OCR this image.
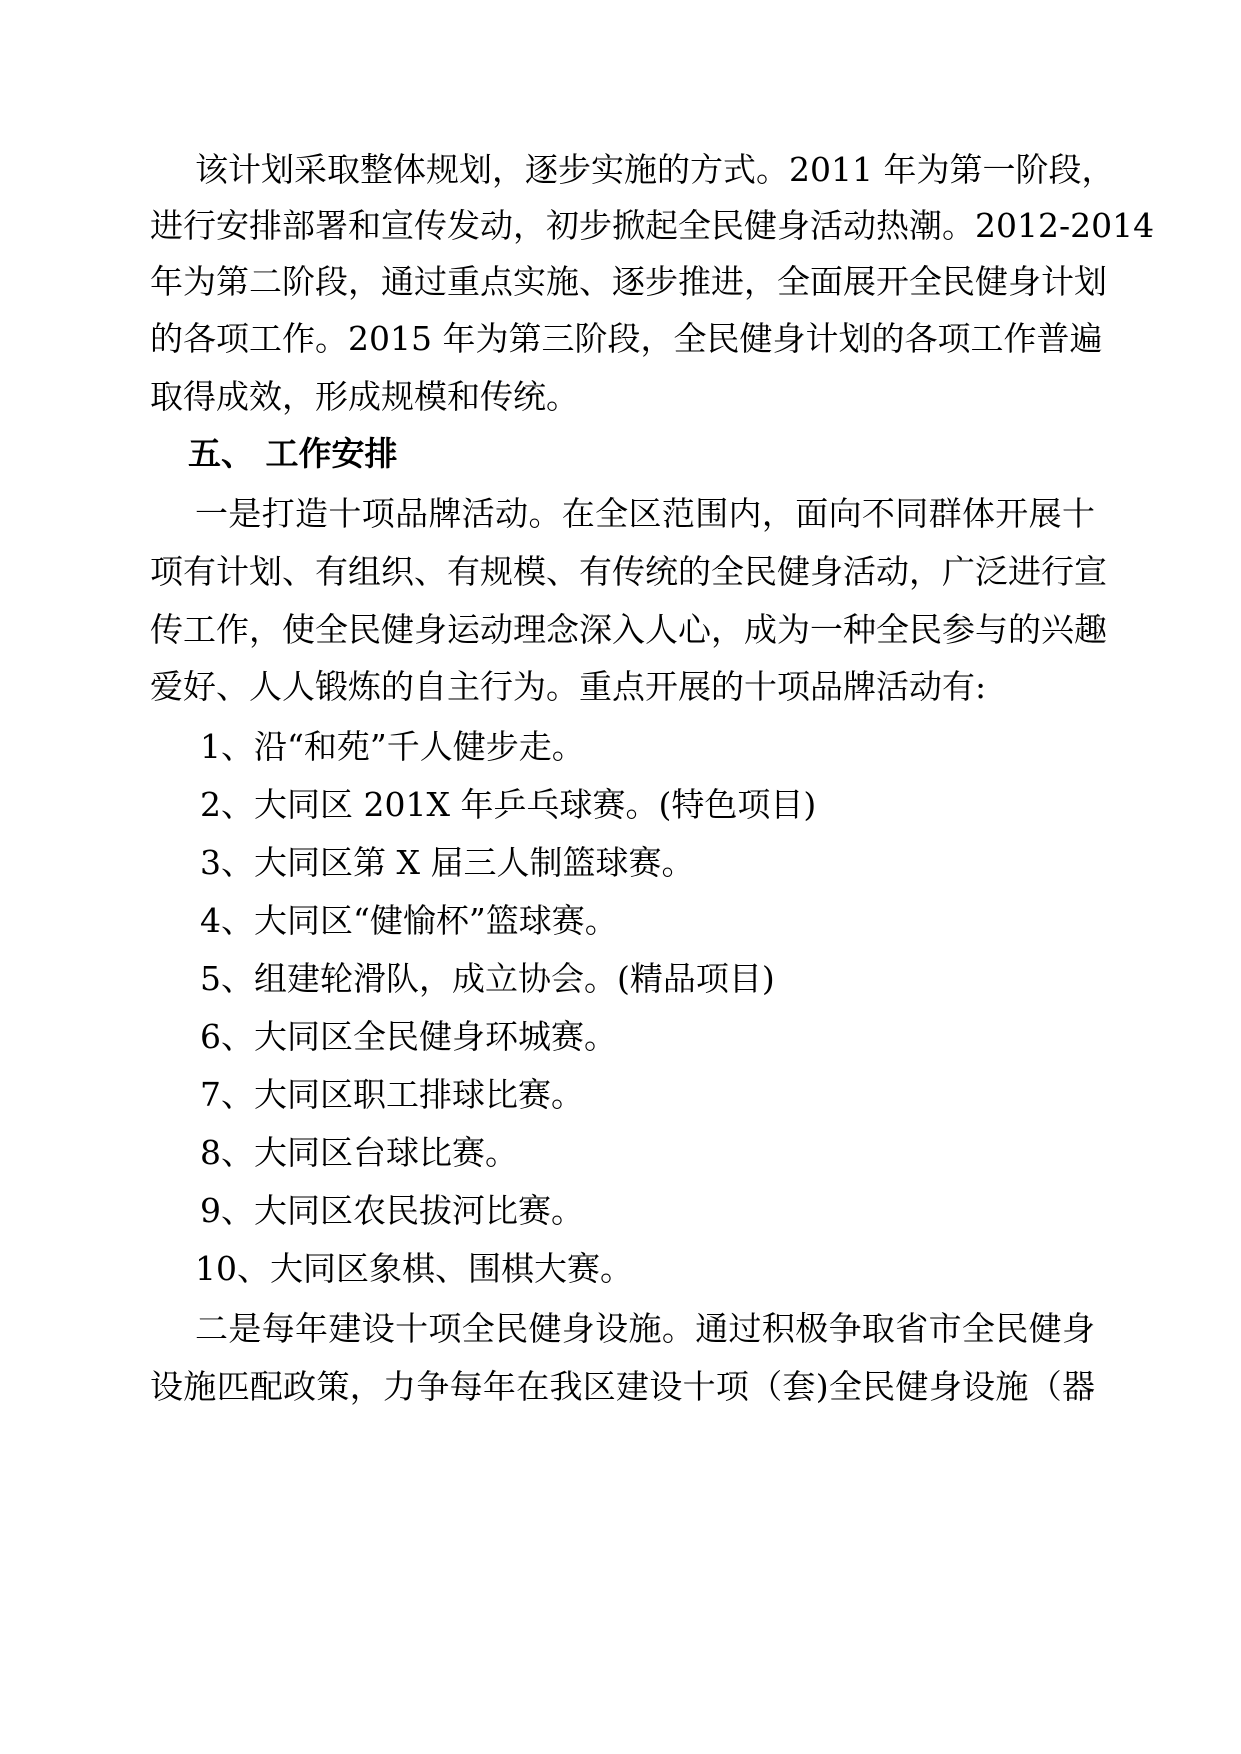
该计划采取整体规划，逐步实施的方式。2011 年为第一阶段，
进行安排部署和宣传发动，初步掀起全民健身活动热潮。2012-2014
年为第二阶段，通过重点实施、逐步推进，全面展开全民健身计划
的各项工作。2015 年为第三阶段，全民健身计划的各项工作普遍
取得成效，形成规模和传统。
五、 工作安排
一是打造十项品牌活动。在全区范围内，面向不同群体开展十
项有计划、有组织、有规模、有传统的全民健身活动，广泛进行宣
传工作，使全民健身运动理念深入人心，成为一种全民参与的兴趣
爱好、人人锻炼的自主行为。重点开展的十项品牌活动有:
1、沿“和苑”千人健步走。
2、大同区 201X 年乒乓球赛。(特色项目)
3、大同区第 X 届三人制篮球赛。
4、大同区“健愉杯”篮球赛。
5、组建轮滑队，成立协会。(精品项目)
6、大同区全民健身环城赛。
7、大同区职工排球比赛。
8、大同区台球比赛。
9、大同区农民拔河比赛。
10、大同区象棋、围棋大赛。
二是每年建设十项全民健身设施。通过积极争取省市全民健身
设施匹配政策，力争每年在我区建设十项（套)全民健身设施（器
